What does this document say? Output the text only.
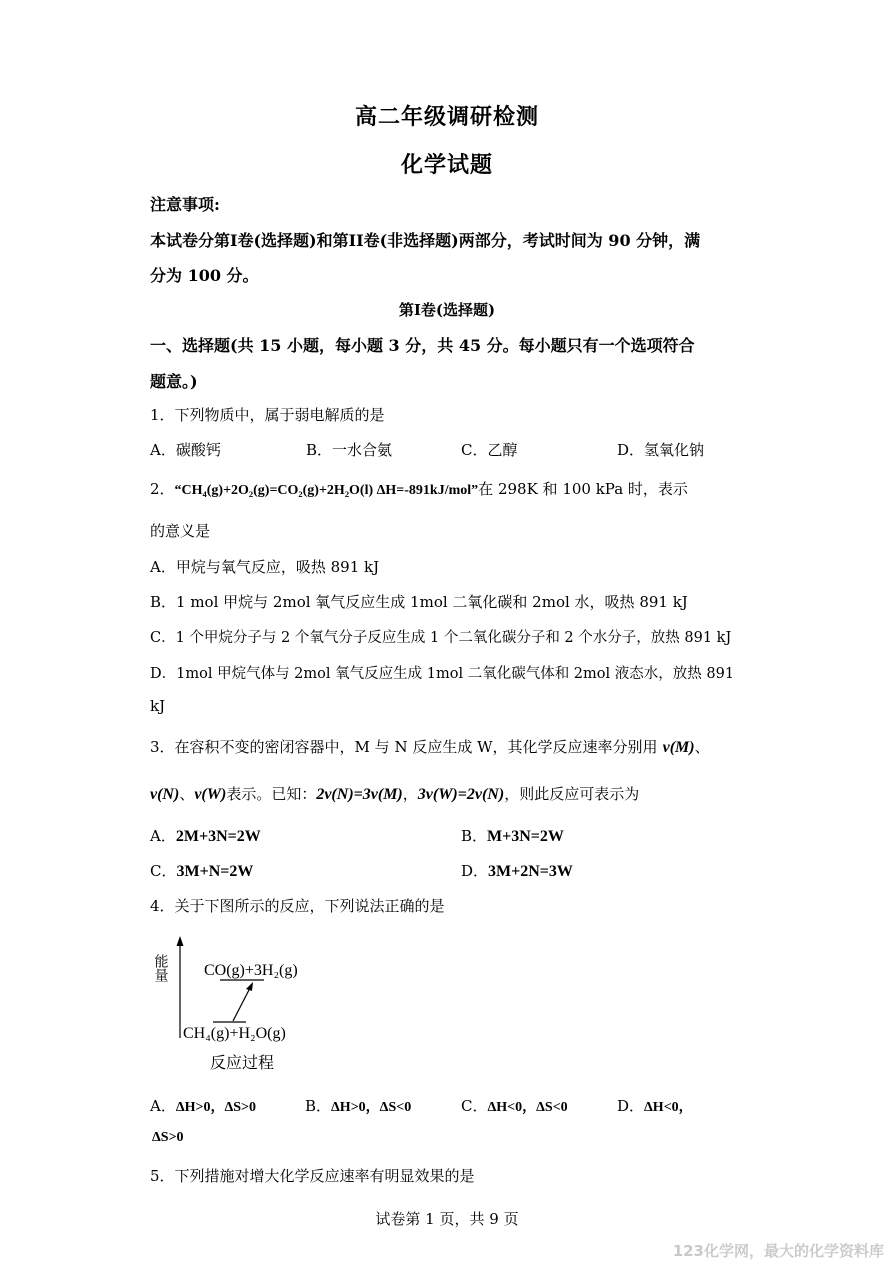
高二年级调研检测
化学试题
注意事项:
本试卷分第I卷(选择题)和第II卷(非选择题)两部分，考试时间为 90 分钟，满
分为 100 分。
第I卷(选择题)
一、选择题(共 15 小题，每小题 3 分，共 45 分。每小题只有一个选项符合
题意。)
1．下列物质中，属于弱电解质的是
A．碳酸钙	B．一水合氨	C．乙醇	D．氢氧化钠
2．“CH₄(g)+2O₂(g)=CO₂(g)+2H₂O(l) ΔH=-891kJ/mol”在 298K 和 100 kPa 时，表示
的意义是
A．甲烷与氧气反应，吸热 891 kJ
B．1 mol 甲烷与 2mol 氧气反应生成 1mol 二氧化碳和 2mol 水，吸热 891 kJ
C．1 个甲烷分子与 2 个氧气分子反应生成 1 个二氧化碳分子和 2 个水分子，放热 891 kJ
D．1mol 甲烷气体与 2mol 氧气反应生成 1mol 二氧化碳气体和 2mol 液态水，放热 891
kJ
3．在容积不变的密闭容器中，M 与 N 反应生成 W，其化学反应速率分别用 v(M)、
v(N)、v(W)表示。已知：2v(N)=3v(M)，3v(W)=2v(N)，则此反应可表示为
A．2M+3N=2W	B．M+3N=2W
C．3M+N=2W	D．3M+2N=3W
4．关于下图所示的反应，下列说法正确的是
能量 CO(g)+3H₂(g)
CH₄(g)+H₂O(g)
反应过程
A．ΔH>0，ΔS>0	B．ΔH>0，ΔS<0	C．ΔH<0，ΔS<0	D．ΔH<0，
ΔS>0
5．下列措施对增大化学反应速率有明显效果的是
试卷第 1 页，共 9 页
123化学网，最大的化学资料库
